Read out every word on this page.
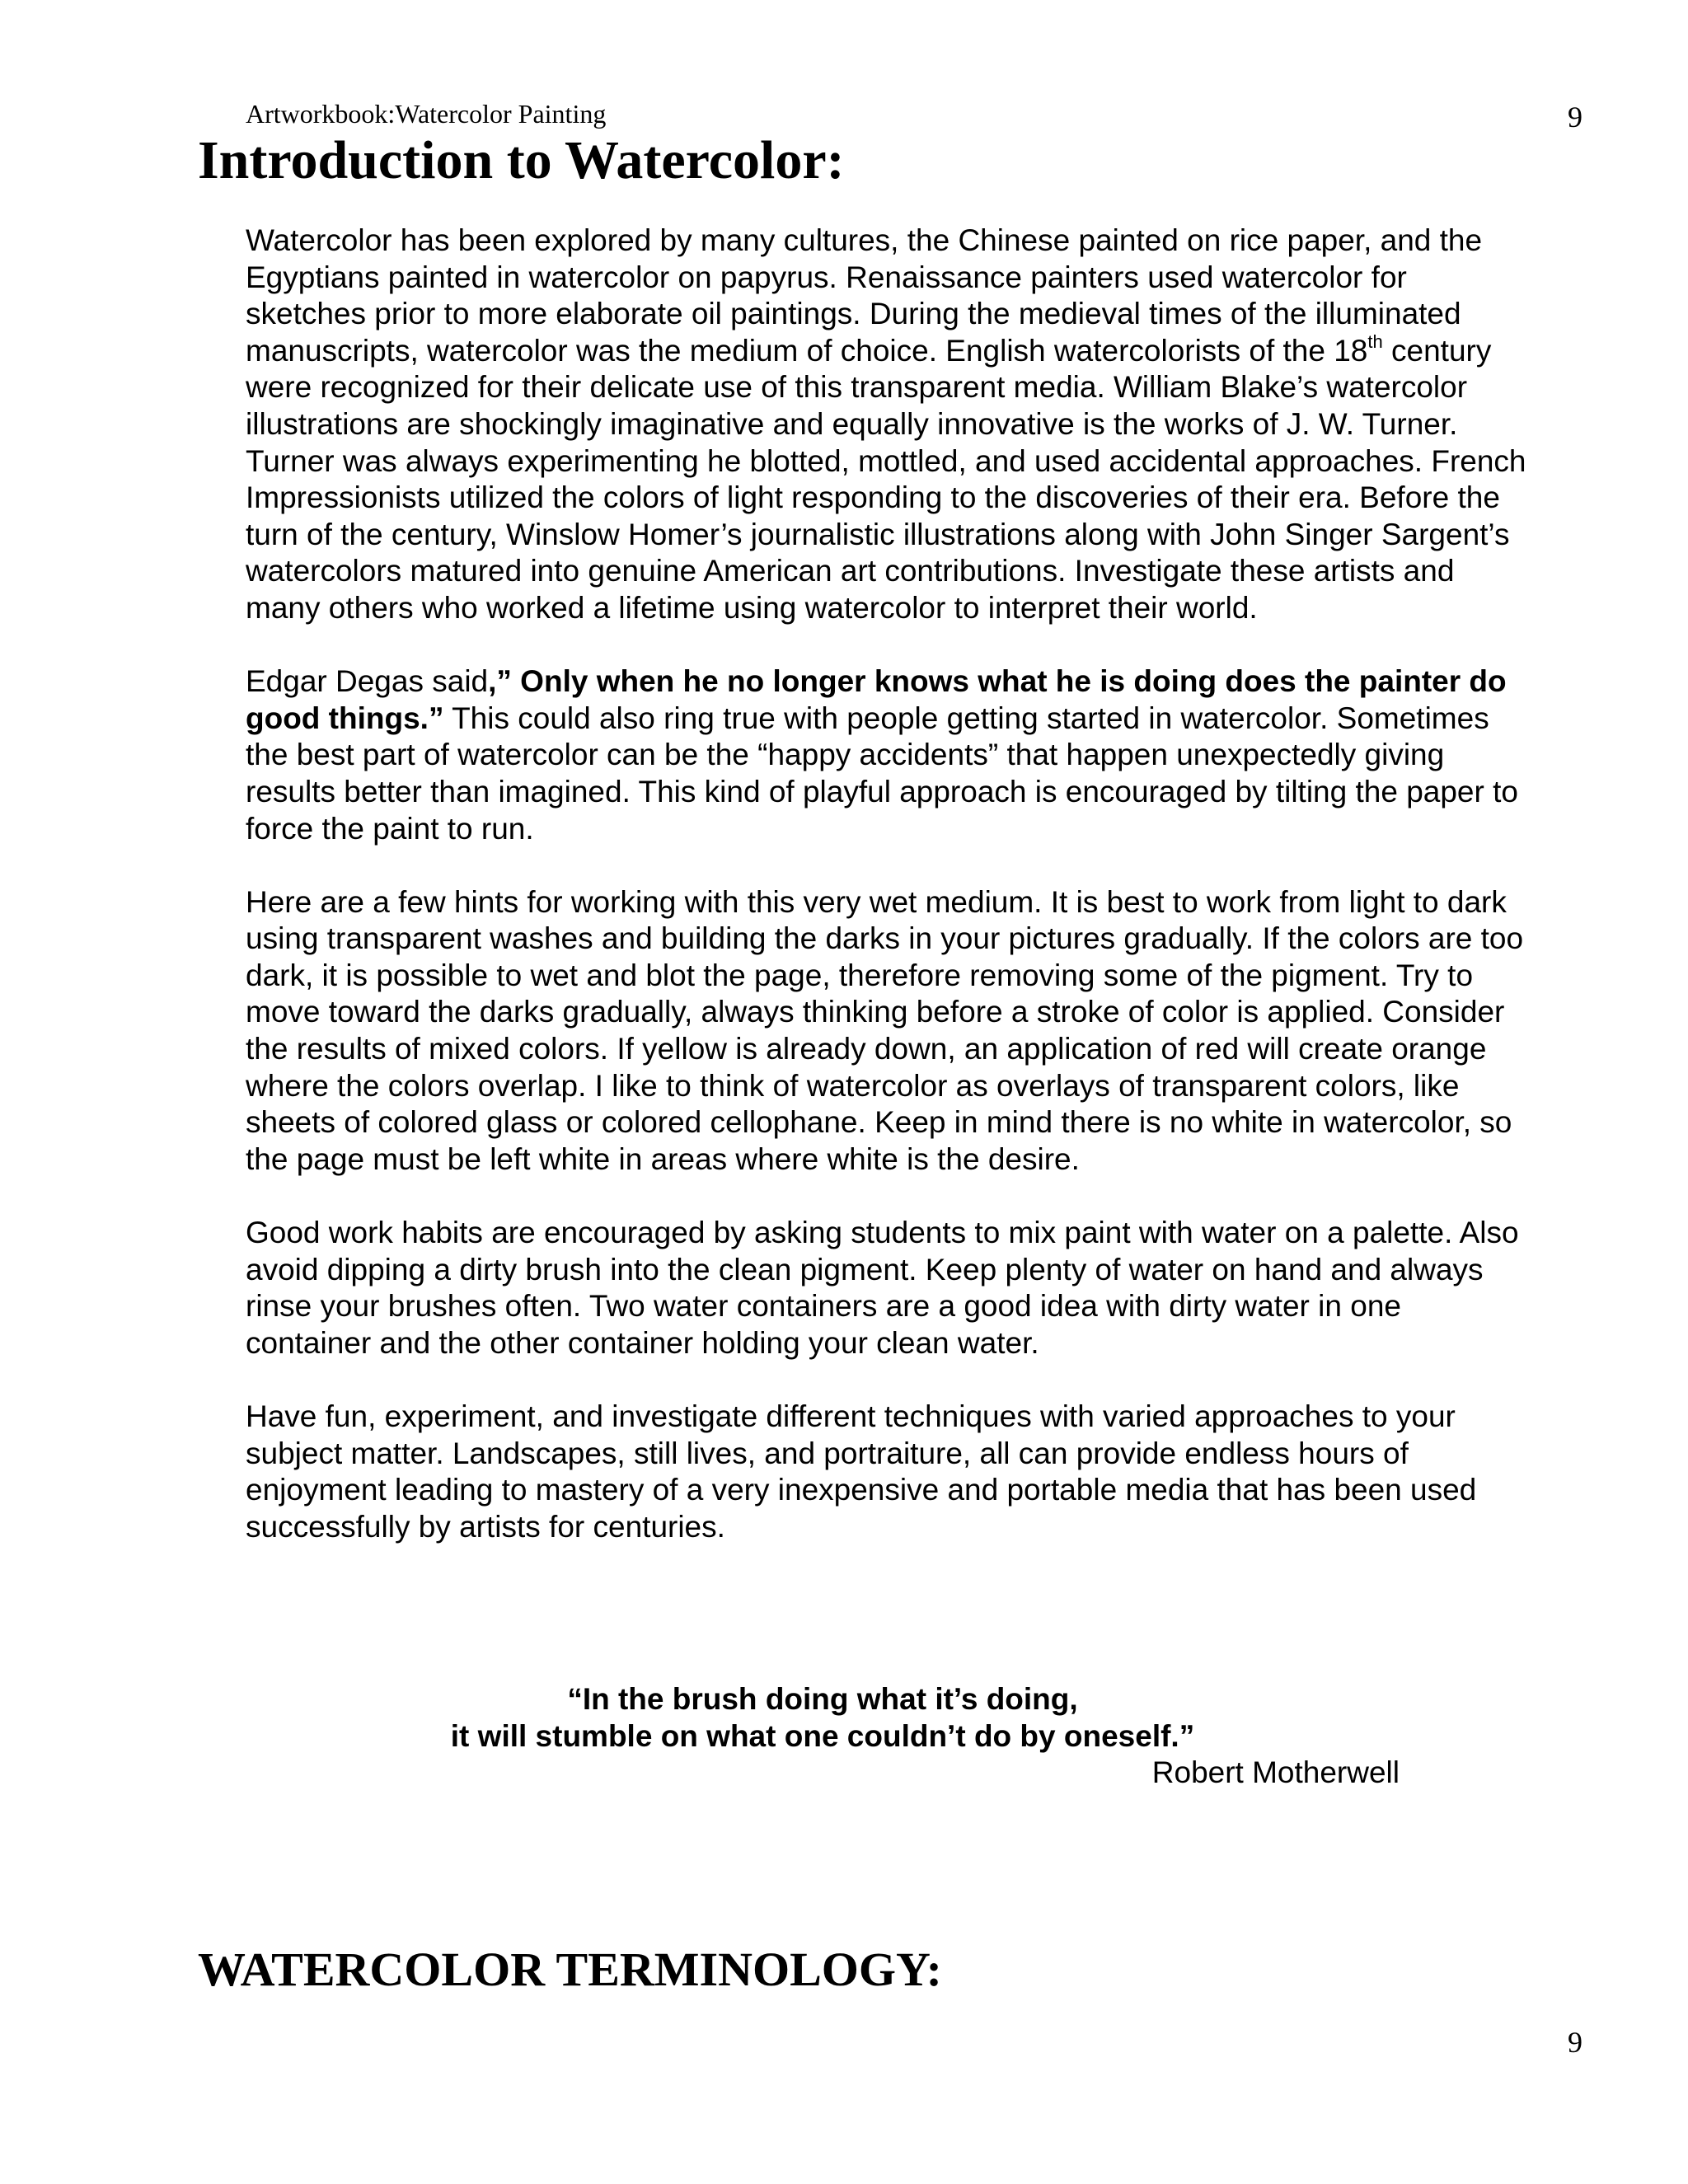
Artworkbook:Watercolor Painting	9
Introduction to Watercolor:

Watercolor has been explored by many cultures, the Chinese painted on rice paper, and the Egyptians painted in watercolor on papyrus. Renaissance painters used watercolor for sketches prior to more elaborate oil paintings. During the medieval times of the illuminated manuscripts, watercolor was the medium of choice. English watercolorists of the 18th century were recognized for their delicate use of this transparent media. William Blake’s watercolor illustrations are shockingly imaginative and equally innovative is the works of J. W. Turner. Turner was always experimenting he blotted, mottled, and used accidental approaches. French Impressionists utilized the colors of light responding to the discoveries of their era. Before the turn of the century, Winslow Homer’s journalistic illustrations along with John Singer Sargent’s watercolors matured into genuine American art contributions. Investigate these artists and many others who worked a lifetime using watercolor to interpret their world.

Edgar Degas said,” Only when he no longer knows what he is doing does the painter do good things.” This could also ring true with people getting started in watercolor. Sometimes the best part of watercolor can be the “happy accidents” that happen unexpectedly giving results better than imagined. This kind of playful approach is encouraged by tilting the paper to force the paint to run.

Here are a few hints for working with this very wet medium. It is best to work from light to dark using transparent washes and building the darks in your pictures gradually. If the colors are too dark, it is possible to wet and blot the page, therefore removing some of the pigment. Try to move toward the darks gradually, always thinking before a stroke of color is applied. Consider the results of mixed colors. If yellow is already down, an application of red will create orange where the colors overlap. I like to think of watercolor as overlays of transparent colors, like sheets of colored glass or colored cellophane. Keep in mind there is no white in watercolor, so the page must be left white in areas where white is the desire.

Good work habits are encouraged by asking students to mix paint with water on a palette. Also avoid dipping a dirty brush into the clean pigment. Keep plenty of water on hand and always rinse your brushes often. Two water containers are a good idea with dirty water in one container and the other container holding your clean water.

Have fun, experiment, and investigate different techniques with varied approaches to your subject matter. Landscapes, still lives, and portraiture, all can provide endless hours of enjoyment leading to mastery of a very inexpensive and portable media that has been used successfully by artists for centuries.

“In the brush doing what it’s doing,
it will stumble on what one couldn’t do by oneself.”
Robert Motherwell
WATERCOLOR TERMINOLOGY:
9
